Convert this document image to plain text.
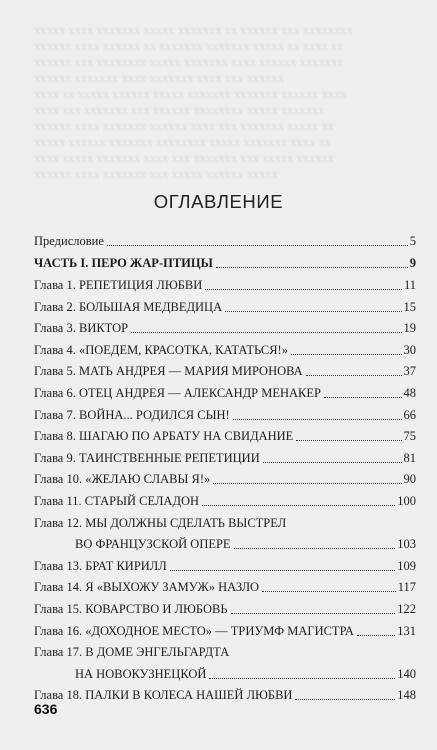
ххххх хххх ххххххх ххххх ххххххх хх хххххх ххх хххххххх
хххххх хххх хххххх хх ххххххх ххххххх ххххх хх хххх хх
хххххх ххх хххххххх ххххх ххххххх хххх хххххх ххххххх
хххххх ххххххх хххх ххххххх хххх ххх хххххх
хххх хх ххххх хххххх ххххх ххххххх ххххххх хххххх хххх
хххх ххх ххххххх ххх хххххх хххххххх ххххх ххххххх
хххххх хххх ххххххх хххххх хххх ххх ххххххх ххххх хх
ххххх хххххх ххххххх хххххххх ххххх ххххххх хххх хх
хххх ххххх ххххххх хххх ххх ххххххх ххх ххххх хххххх
хххххх хххх ххххххх ххх ххххх хххххх ххххх
ОГЛАВЛЕНИЕ
Предисловие	5
ЧАСТЬ I. ПЕРО ЖАР-ПТИЦЫ	9
Глава 1. РЕПЕТИЦИЯ ЛЮБВИ	11
Глава 2. БОЛЬШАЯ МЕДВЕДИЦА	15
Глава 3. ВИКТОР	19
Глава 4. «ПОЕДЕМ, КРАСОТКА, КАТАТЬСЯ!»	30
Глава 5. МАТЬ АНДРЕЯ — МАРИЯ МИРОНОВА	37
Глава 6. ОТЕЦ АНДРЕЯ — АЛЕКСАНДР МЕНАКЕР	48
Глава 7. ВОЙНА... РОДИЛСЯ СЫН!	66
Глава 8. ШАГАЮ ПО АРБАТУ НА СВИДАНИЕ	75
Глава 9. ТАИНСТВЕННЫЕ РЕПЕТИЦИИ	81
Глава 10. «ЖЕЛАЮ СЛАВЫ Я!»	90
Глава 11. СТАРЫЙ СЕЛАДОН	100
Глава 12. МЫ ДОЛЖНЫ СДЕЛАТЬ ВЫСТРЕЛ
ВО ФРАНЦУЗСКОЙ ОПЕРЕ	103
Глава 13. БРАТ КИРИЛЛ	109
Глава 14. Я «ВЫХОЖУ ЗАМУЖ» НАЗЛО	117
Глава 15. КОВАРСТВО И ЛЮБОВЬ	122
Глава 16. «ДОХОДНОЕ МЕСТО» — ТРИУМФ МАГИСТРА	131
Глава 17. В ДОМЕ ЭНГЕЛЬГАРДТА
НА НОВОКУЗНЕЦКОЙ	140
Глава 18. ПАЛКИ В КОЛЕСА НАШЕЙ ЛЮБВИ	148
636
